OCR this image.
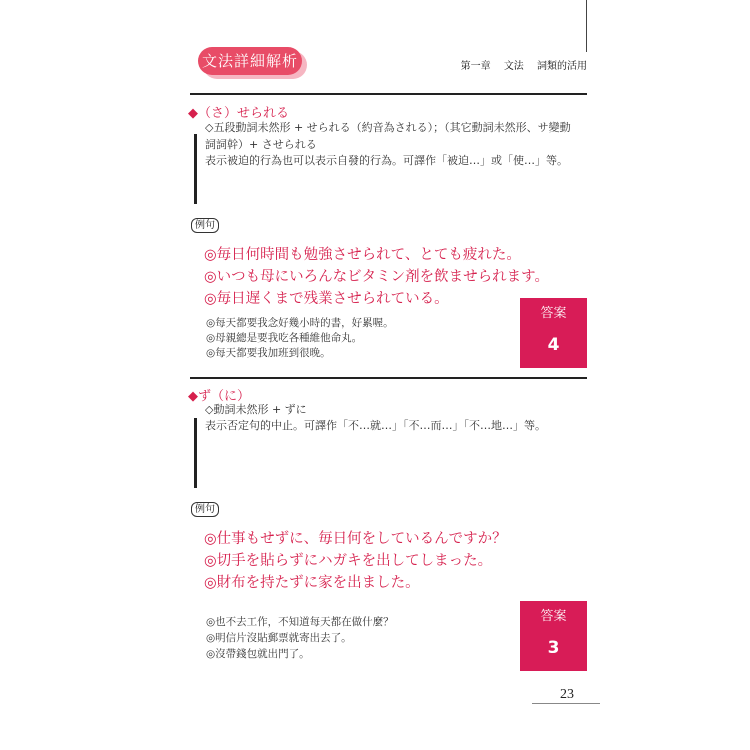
文法詳細解析	第一章 文法 詞類的活用
◆（さ）せられる
◇五段動詞未然形 + せられる（約音為される）；（其它動詞未然形、サ變動
詞詞幹）+ させられる
表示被迫的行為也可以表示自發的行為。可譯作「被迫…」或「使…」等。
例句
◎毎日何時間も勉強させられて、とても疲れた。
◎いつも母にいろんなビタミン剤を飲ませられます。
◎毎日遅くまで残業させられている。
◎每天都要我念好幾小時的書，好累喔。
◎母親總是要我吃各種維他命丸。
◎每天都要我加班到很晚。
答案
4
◆ず（に）
◇動詞未然形 + ずに
表示否定句的中止。可譯作「不…就…」「不…而…」「不…地…」等。
例句
◎仕事もせずに、毎日何をしているんですか？
◎切手を貼らずにハガキを出してしまった。
◎財布を持たずに家を出ました。
◎也不去工作，不知道每天都在做什麼？
◎明信片沒貼郵票就寄出去了。
◎沒帶錢包就出門了。
答案
3
23
